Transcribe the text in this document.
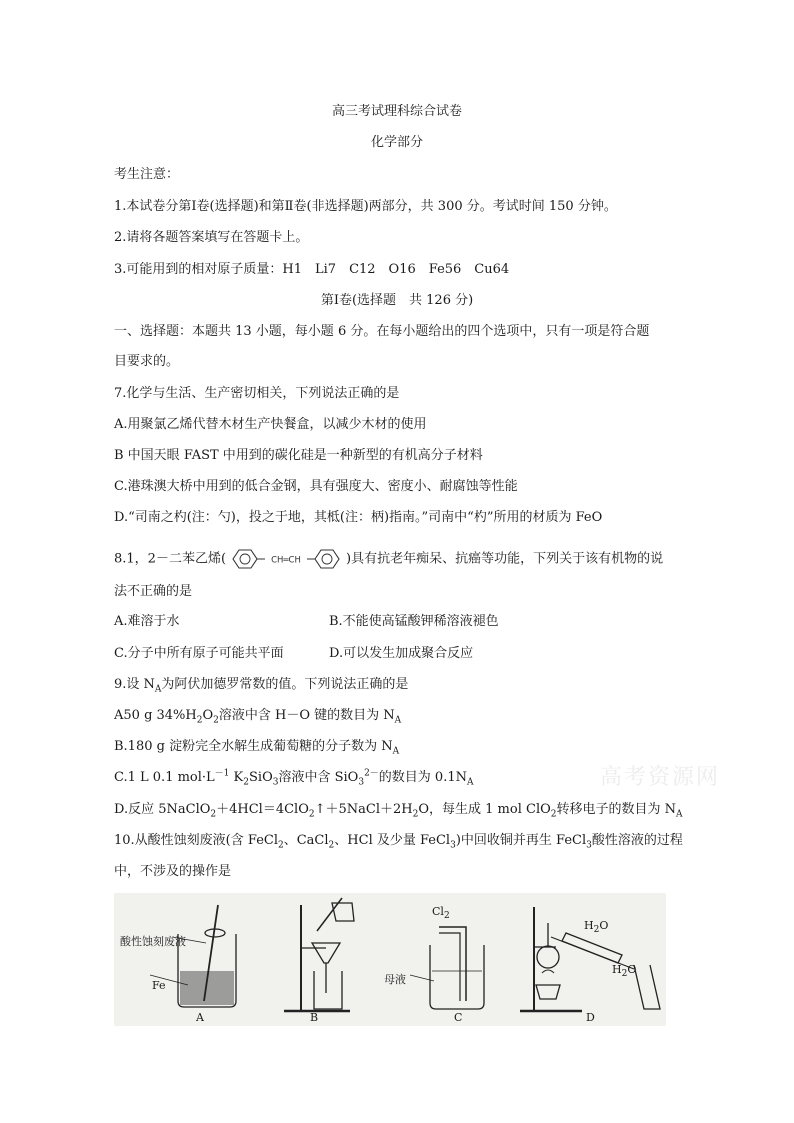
高三考试理科综合试卷
化学部分
考生注意：
1.本试卷分第Ⅰ卷(选择题)和第Ⅱ卷(非选择题)两部分，共 300 分。考试时间 150 分钟。
2.请将各题答案填写在答题卡上。
3.可能用到的相对原子质量：H1　Li7　C12　O16　Fe56　Cu64
第Ⅰ卷(选择题　共 126 分)
一、选择题：本题共 13 小题，每小题 6 分。在每小题给出的四个选项中，只有一项是符合题
目要求的。
7.化学与生活、生产密切相关，下列说法正确的是
A.用聚氯乙烯代替木材生产快餐盒，以减少木材的使用
B 中国天眼 FAST 中用到的碳化硅是一种新型的有机高分子材料
C.港珠澳大桥中用到的低合金钢，具有强度大、密度小、耐腐蚀等性能
D.“司南之杓(注：勺)，投之于地，其柢(注：柄)指南。”司南中“杓”所用的材质为 FeO
8.1，2－二苯乙烯(	CH═CH	)具有抗老年痴呆、抗癌等功能，下列关于该有机物的说
法不正确的是
A.难溶于水	B.不能使高锰酸钾稀溶液褪色
C.分子中所有原子可能共平面	D.可以发生加成聚合反应
9.设 $N_A$为阿伏加德罗常数的值。下列说法正确的是
A50 g $34\%H_2O_2$溶液中含 H－O 键的数目为 $N_A$
B.180 g 淀粉完全水解生成葡萄糖的分子数为 $N_A$
C.1 L 0.1 $mol\cdot L^{-1}$ $K_2SiO_3$溶液中含 SiO$_3^{2-}$的数目为 $0.1N_A$
D.反应 $5NaClO_2+4HCl=4ClO_2↑+5NaCl+2H_2O$，每生成 1 mol ClO$_2$转移电子的数目为 $N_A$
10.从酸性蚀刻废液(含 FeCl$_2$、CaCl$_2$、HCl 及少量 FeCl$_3$)中回收铜并再生 FeCl$_3$酸性溶液的过程
中，不涉及的操作是
高考资源网
酸性蚀刻废液
Fe
$Cl_2$
母液
$H_2O$
$H_2O$
A	B	C	D
